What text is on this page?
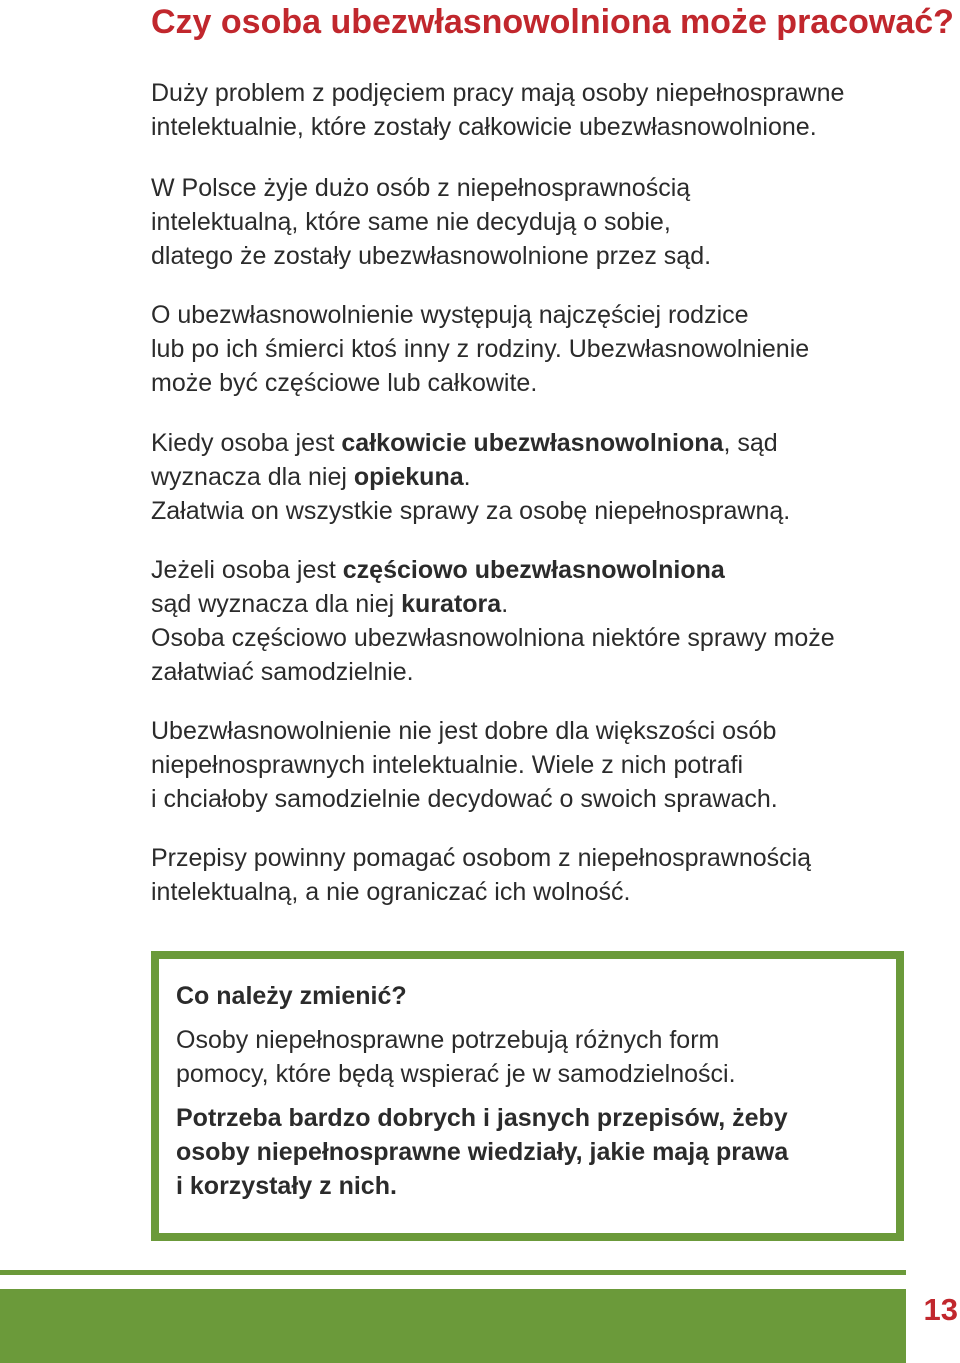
Czy osoba ubezwłasnowolniona może pracować?

Duży problem z podjęciem pracy mają osoby niepełnosprawne
intelektualnie, które zostały całkowicie ubezwłasnowolnione.

W Polsce żyje dużo osób z niepełnosprawnością
intelektualną, które same nie decydują o sobie,
dlatego że zostały ubezwłasnowolnione przez sąd.

O ubezwłasnowolnienie występują najczęściej rodzice
lub po ich śmierci ktoś inny z rodziny. Ubezwłasnowolnienie
może być częściowe lub całkowite.

Kiedy osoba jest całkowicie ubezwłasnowolniona, sąd
wyznacza dla niej opiekuna.
Załatwia on wszystkie sprawy za osobę niepełnosprawną.

Jeżeli osoba jest częściowo ubezwłasnowolniona
sąd wyznacza dla niej kuratora.
Osoba częściowo ubezwłasnowolniona niektóre sprawy może
załatwiać samodzielnie.

Ubezwłasnowolnienie nie jest dobre dla większości osób
niepełnosprawnych intelektualnie. Wiele z nich potrafi
i chciałoby samodzielnie decydować o swoich sprawach.

Przepisy powinny pomagać osobom z niepełnosprawnością
intelektualną, a nie ograniczać ich wolność.

Co należy zmienić?
Osoby niepełnosprawne potrzebują różnych form
pomocy, które będą wspierać je w samodzielności.
Potrzeba bardzo dobrych i jasnych przepisów, żeby
osoby niepełnosprawne wiedziały, jakie mają prawa
i korzystały z nich.
13
